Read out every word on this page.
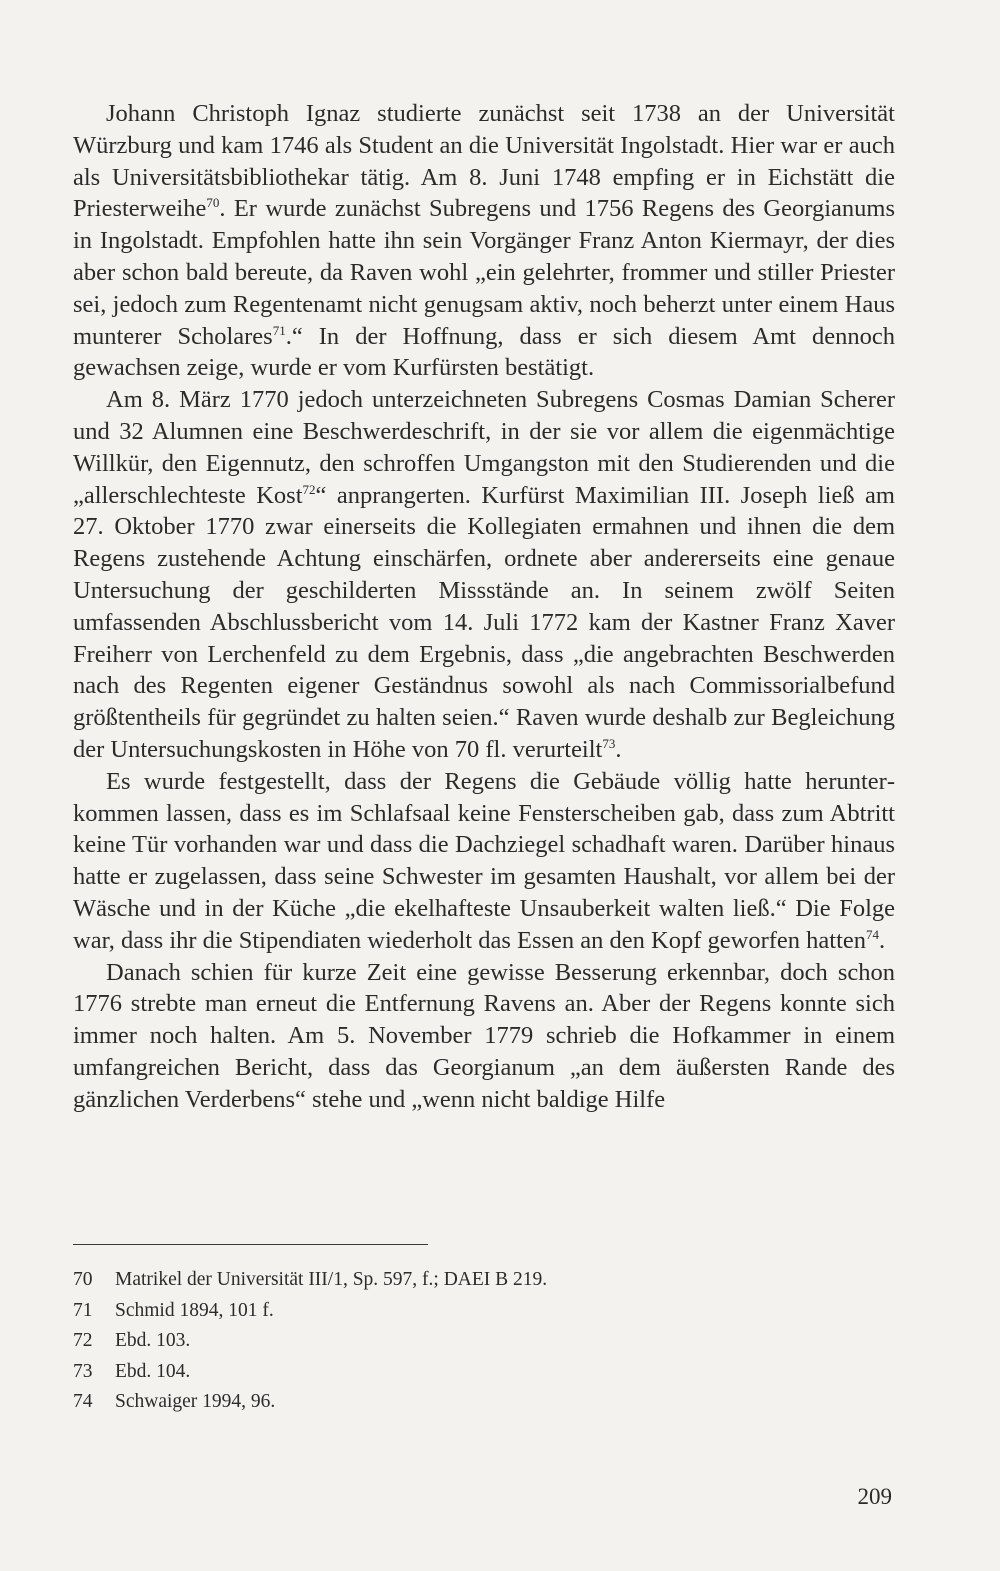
Johann Christoph Ignaz studierte zunächst seit 1738 an der Universität Würzburg und kam 1746 als Student an die Universität Ingolstadt. Hier war er auch als Universitätsbibliothekar tätig. Am 8. Juni 1748 empfing er in Eichstätt die Priesterweihe$^{70}$. Er wurde zunächst Subregens und 1756 Regens des Georgianums in Ingolstadt. Empfohlen hatte ihn sein Vorgänger Franz Anton Kiermayr, der dies aber schon bald bereute, da Raven wohl „ein gelehrter, frommer und stiller Priester sei, jedoch zum Regentenamt nicht genugsam aktiv, noch beherzt unter einem Haus munterer Scholares$^{71}$.“ In der Hoffnung, dass er sich diesem Amt dennoch gewachsen zeige, wurde er vom Kurfürsten bestätigt.

Am 8. März 1770 jedoch unterzeichneten Subregens Cosmas Damian Scherer und 32 Alumnen eine Beschwerdeschrift, in der sie vor allem die eigenmächtige Willkür, den Eigennutz, den schroffen Umgangston mit den Studierenden und die „allerschlechteste Kost$^{72}$“ anprangerten. Kurfürst Maximilian III. Joseph ließ am 27. Oktober 1770 zwar einerseits die Kollegiaten ermahnen und ihnen die dem Regens zustehende Achtung einschärfen, ordnete aber andererseits eine genaue Untersuchung der geschilderten Missstände an. In seinem zwölf Seiten umfassenden Abschlussbericht vom 14. Juli 1772 kam der Kastner Franz Xaver Freiherr von Lerchenfeld zu dem Ergebnis, dass „die angebrachten Beschwerden nach des Regenten eigener Geständnus sowohl als nach Commissorialbefund größtentheils für gegründet zu halten seien.“ Raven wurde deshalb zur Begleichung der Untersuchungskosten in Höhe von 70 fl. verurteilt$^{73}$.

Es wurde festgestellt, dass der Regens die Gebäude völlig hatte herunterkommen lassen, dass es im Schlafsaal keine Fensterscheiben gab, dass zum Abtritt keine Tür vorhanden war und dass die Dachziegel schadhaft waren. Darüber hinaus hatte er zugelassen, dass seine Schwester im gesamten Haushalt, vor allem bei der Wäsche und in der Küche „die ekelhafteste Unsauberkeit walten ließ.“ Die Folge war, dass ihr die Stipendiaten wiederholt das Essen an den Kopf geworfen hatten$^{74}$.

Danach schien für kurze Zeit eine gewisse Besserung erkennbar, doch schon 1776 strebte man erneut die Entfernung Ravens an. Aber der Regens konnte sich immer noch halten. Am 5. November 1779 schrieb die Hofkammer in einem umfangreichen Bericht, dass das Georgianum „an dem äußersten Rande des gänzlichen Verderbens“ stehe und „wenn nicht baldige Hilfe

70 Matrikel der Universität III/1, Sp. 597, f.; DAEI B 219.
71 Schmid 1894, 101 f.
72 Ebd. 103.
73 Ebd. 104.
74 Schwaiger 1994, 96.
209
